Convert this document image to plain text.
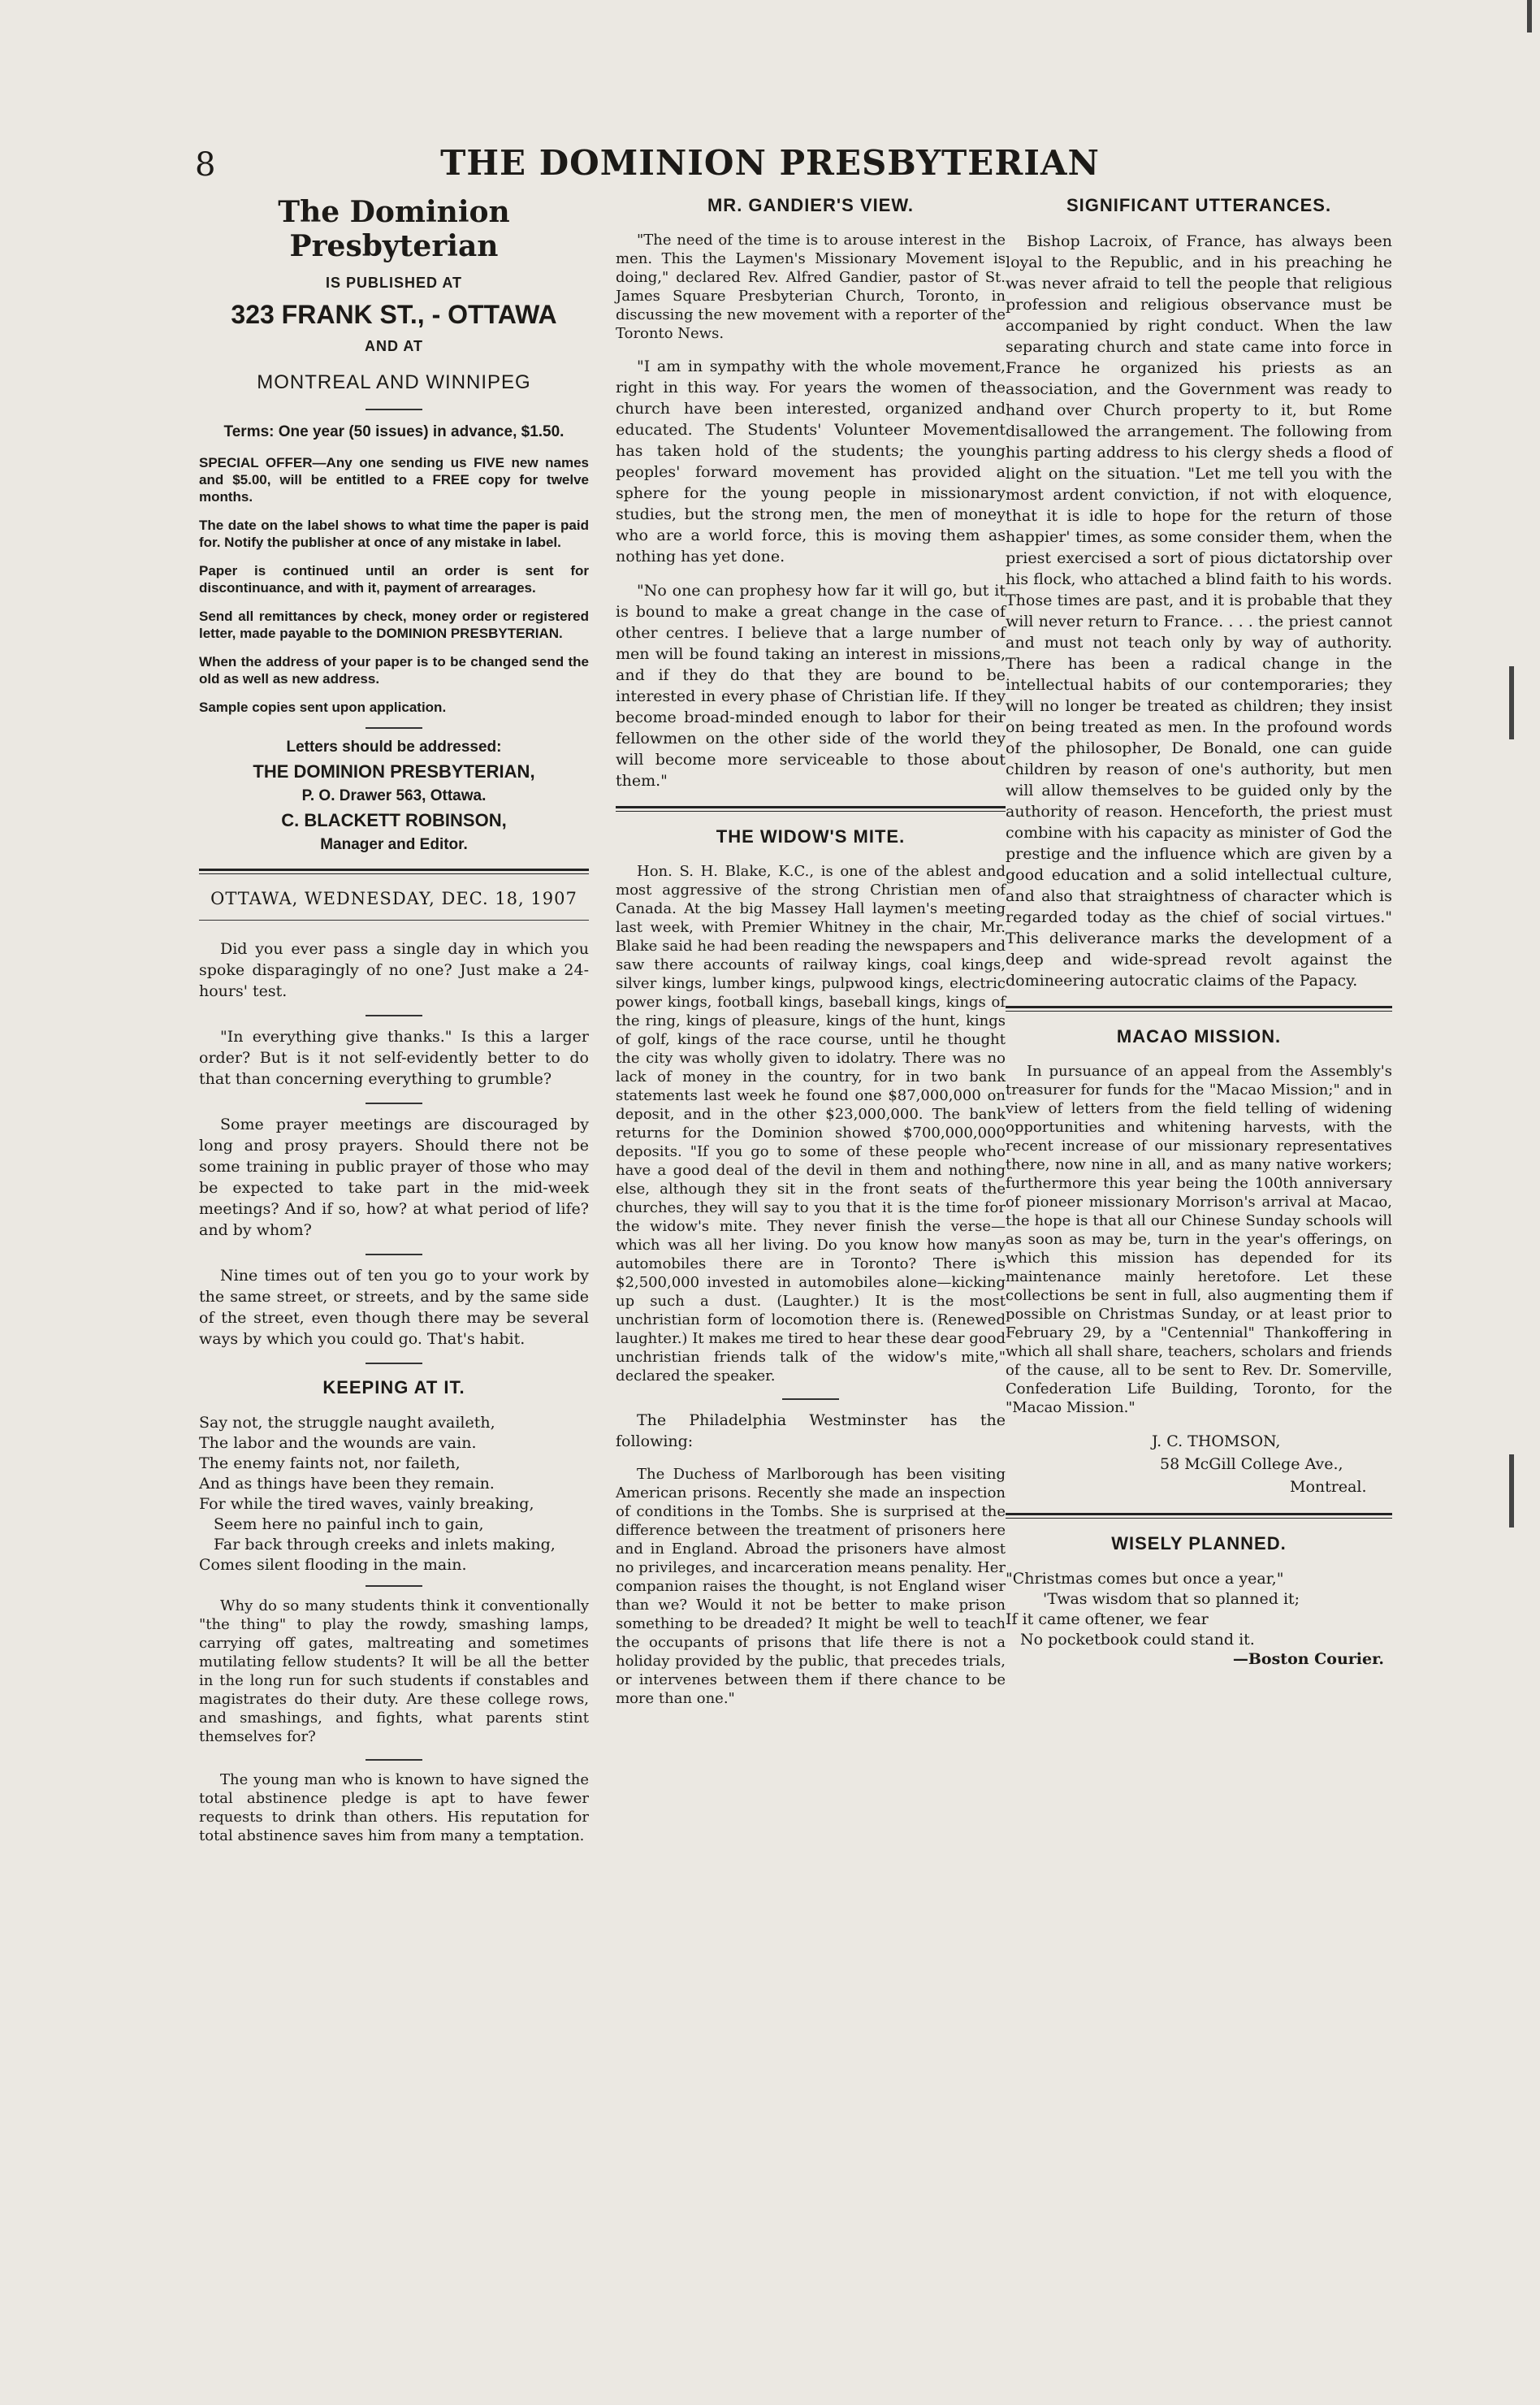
8	THE DOMINION PRESBYTERIAN
The Dominion Presbyterian
IS PUBLISHED AT
323 FRANK ST., - OTTAWA
AND AT
MONTREAL AND WINNIPEG
Terms: One year (50 issues) in advance, $1.50.

SPECIAL OFFER—Any one sending us FIVE new names and $5.00, will be entitled to a FREE copy for twelve months.

The date on the label shows to what time the paper is paid for. Notify the publisher at once of any mistake in label.

Paper is continued until an order is sent for discontinuance, and with it, payment of arrearages.

Send all remittances by check, money order or registered letter, made payable to the DOMINION PRESBYTERIAN.

When the address of your paper is to be changed send the old as well as new address.

Sample copies sent upon application.

Letters should be addressed:
THE DOMINION PRESBYTERIAN,
P. O. Drawer 563, Ottawa.
C. BLACKETT ROBINSON,
Manager and Editor.
OTTAWA, WEDNESDAY, DEC. 18, 1907

Did you ever pass a single day in which you spoke disparagingly of no one? Just make a 24-hours' test.

"In everything give thanks." Is this a larger order? But is it not self-evidently better to do that than concerning everything to grumble?

Some prayer meetings are discouraged by long and prosy prayers. Should there not be some training in public prayer of those who may be expected to take part in the mid-week meetings? And if so, how? at what period of life? and by whom?

Nine times out of ten you go to your work by the same street, or streets, and by the same side of the street, even though there may be several ways by which you could go. That's habit.

KEEPING AT IT.

Say not, the struggle naught availeth,

The labor and the wounds are vain.

The enemy faints not, nor faileth,

And as things have been they remain.

For while the tired waves, vainly breaking,

Seem here no painful inch to gain,

Far back through creeks and inlets making,

Comes silent flooding in the main.

Why do so many students think it conventionally "the thing" to play the rowdy, smashing lamps, carrying off gates, maltreating and sometimes mutilating fellow students? It will be all the better in the long run for such students if constables and magistrates do their duty. Are these college rows, and smashings, and fights, what parents stint themselves for?

The young man who is known to have signed the total abstinence pledge is apt to have fewer requests to drink than others. His reputation for total abstinence saves him from many a temptation.

MR. GANDIER'S VIEW.

"The need of the time is to arouse interest in the men. This the Laymen's Missionary Movement is doing," declared Rev. Alfred Gandier, pastor of St. James Square Presbyterian Church, Toronto, in discussing the new movement with a reporter of the Toronto News.

"I am in sympathy with the whole movement, right in this way. For years the women of the church have been interested, organized and educated. The Students' Volunteer Movement has taken hold of the students; the young peoples' forward movement has provided a sphere for the young people in missionary studies, but the strong men, the men of money who are a world force, this is moving them as nothing has yet done.

"No one can prophesy how far it will go, but it is bound to make a great change in the case of other centres. I believe that a large number of men will be found taking an interest in missions, and if they do that they are bound to be interested in every phase of Christian life. If they become broad-minded enough to labor for their fellowmen on the other side of the world they will become more serviceable to those about them."

THE WIDOW'S MITE.

Hon. S. H. Blake, K.C., is one of the ablest and most aggressive of the strong Christian men of Canada. At the big Massey Hall laymen's meeting last week, with Premier Whitney in the chair, Mr. Blake said he had been reading the newspapers and saw there accounts of railway kings, coal kings, silver kings, lumber kings, pulpwood kings, electric power kings, football kings, baseball kings, kings of the ring, kings of pleasure, kings of the hunt, kings of golf, kings of the race course, until he thought the city was wholly given to idolatry. There was no lack of money in the country, for in two bank statements last week he found one $87,000,000 on deposit, and in the other $23,000,000. The bank returns for the Dominion showed $700,000,000 deposits. "If you go to some of these people who have a good deal of the devil in them and nothing else, although they sit in the front seats of the churches, they will say to you that it is the time for the widow's mite. They never finish the verse—which was all her living. Do you know how many automobiles there are in Toronto? There is $2,500,000 invested in automobiles alone—kicking up such a dust. (Laughter.) It is the most unchristian form of locomotion there is. (Renewed laughter.) It makes me tired to hear these dear good unchristian friends talk of the widow's mite," declared the speaker.

The Philadelphia Westminster has the following:

The Duchess of Marlborough has been visiting American prisons. Recently she made an inspection of conditions in the Tombs. She is surprised at the difference between the treatment of prisoners here and in England. Abroad the prisoners have almost no privileges, and incarceration means penality. Her companion raises the thought, is not England wiser than we? Would it not be better to make prison something to be dreaded? It might be well to teach the occupants of prisons that life there is not a holiday provided by the public, that precedes trials, or intervenes between them if there chance to be more than one."

SIGNIFICANT UTTERANCES.

Bishop Lacroix, of France, has always been loyal to the Republic, and in his preaching he was never afraid to tell the people that religious profession and religious observance must be accompanied by right conduct. When the law separating church and state came into force in France he organized his priests as an association, and the Government was ready to hand over Church property to it, but Rome disallowed the arrangement. The following from his parting address to his clergy sheds a flood of light on the situation. "Let me tell you with the most ardent conviction, if not with eloquence, that it is idle to hope for the return of those happier' times, as some consider them, when the priest exercised a sort of pious dictatorship over his flock, who attached a blind faith to his words. Those times are past, and it is probable that they will never return to France. . . . the priest cannot and must not teach only by way of authority. There has been a radical change in the intellectual habits of our contemporaries; they will no longer be treated as children; they insist on being treated as men. In the profound words of the philosopher, De Bonald, one can guide children by reason of one's authority, but men will allow themselves to be guided only by the authority of reason. Henceforth, the priest must combine with his capacity as minister of God the prestige and the influence which are given by a good education and a solid intellectual culture, and also that straightness of character which is regarded today as the chief of social virtues." This deliverance marks the development of a deep and wide-spread revolt against the domineering autocratic claims of the Papacy.

MACAO MISSION.

In pursuance of an appeal from the Assembly's treasurer for funds for the "Macao Mission;" and in view of letters from the field telling of widening opportunities and whitening harvests, with the recent increase of our missionary representatives there, now nine in all, and as many native workers; furthermore this year being the 100th anniversary of pioneer missionary Morrison's arrival at Macao, the hope is that all our Chinese Sunday schools will as soon as may be, turn in the year's offerings, on which this mission has depended for its maintenance mainly heretofore. Let these collections be sent in full, also augmenting them if possible on Christmas Sunday, or at least prior to February 29, by a "Centennial" Thankoffering in which all shall share, teachers, scholars and friends of the cause, all to be sent to Rev. Dr. Somerville, Confederation Life Building, Toronto, for the "Macao Mission."

J. C. THOMSON,
58 McGill College Ave.,
Montreal.
WISELY PLANNED.

"Christmas comes but once a year,"

'Twas wisdom that so planned it;

If it came oftener, we fear

No pocketbook could stand it.

—Boston Courier.
